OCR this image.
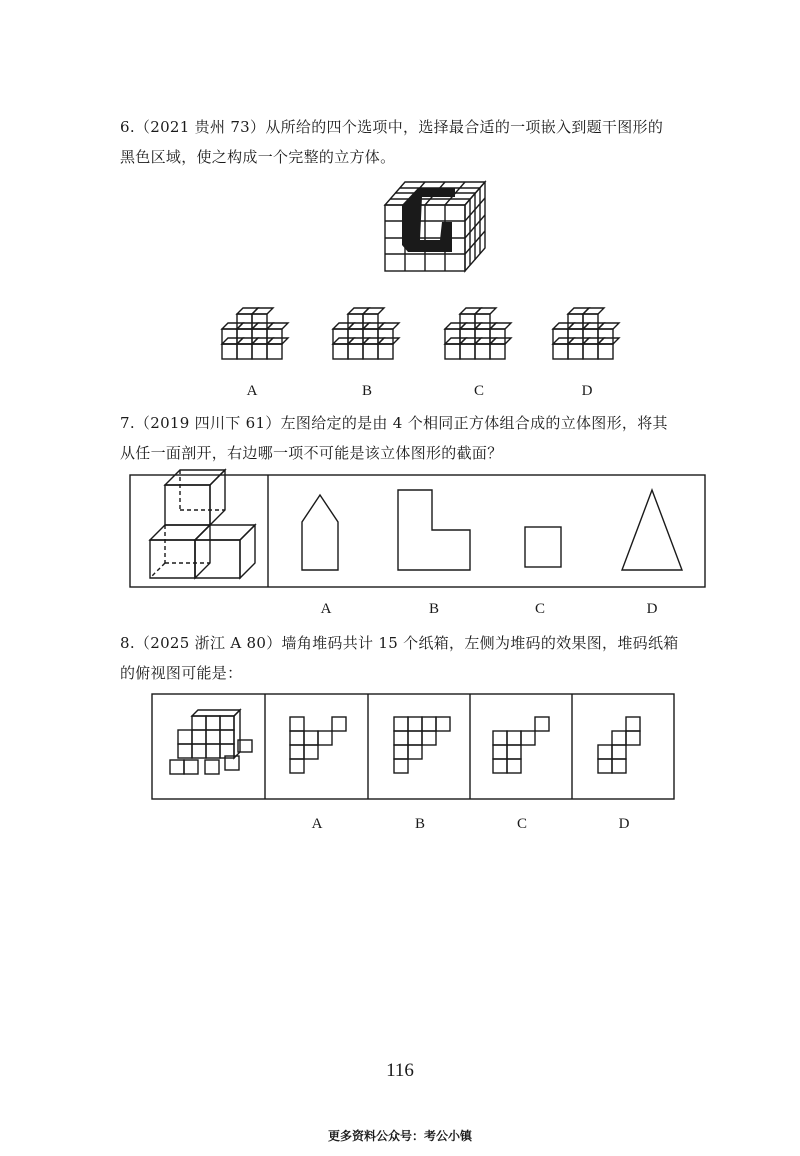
6.（2021 贵州 73）从所给的四个选项中，选择最合适的一项嵌入到题干图形的

黑色区域，使之构成一个完整的立方体。

A	B	C	D

7.（2019 四川下 61）左图给定的是由 4 个相同正方体组合成的立体图形，将其

从任一面剖开，右边哪一项不可能是该立体图形的截面？

A	B	C	D

8.（2025 浙江 A 80）墙角堆码共计 15 个纸箱，左侧为堆码的效果图，堆码纸箱

的俯视图可能是：

A	B	C	D
116
更多资料公众号：考公小镇
